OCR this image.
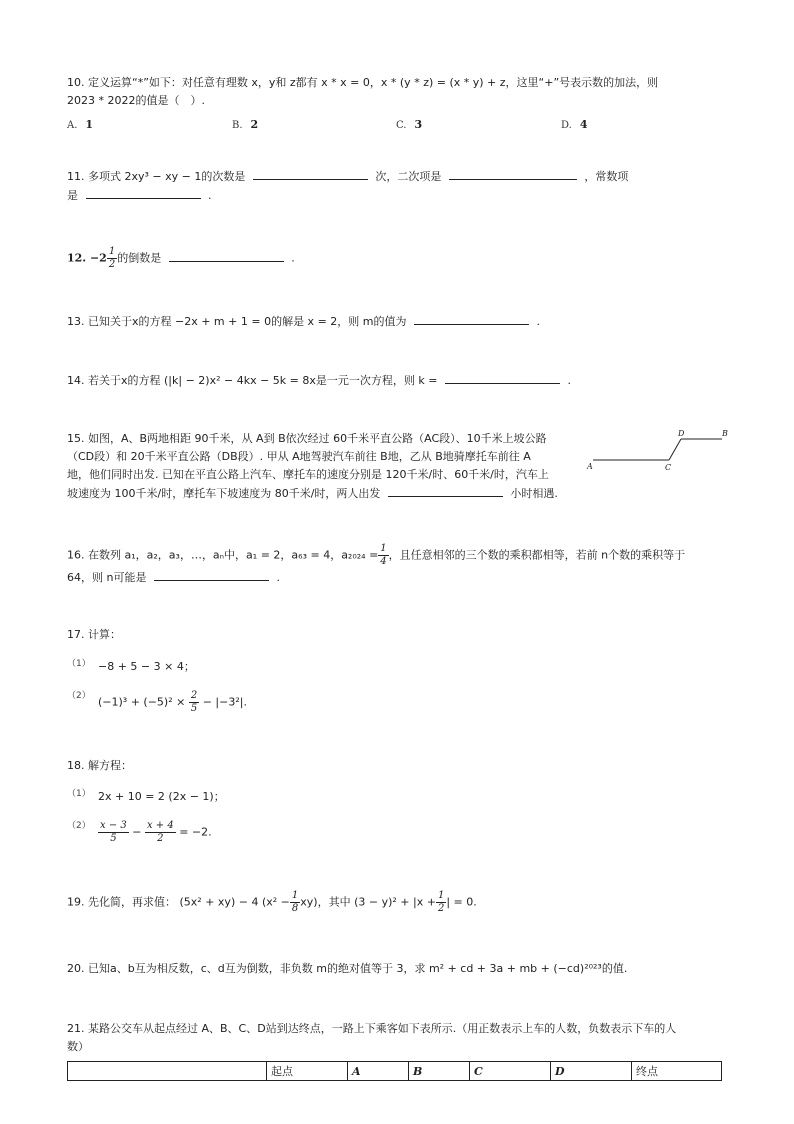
10. 定义运算“*”如下：对任意有理数 x，y和 z都有 x * x = 0，x * (y * z) = (x * y) + z，这里“+”号表示数的加法，则
2023 * 2022的值是（　）.
A. 1	B. 2	C. 3	D. 4
11. 多项式 2xy³ − xy − 1的次数是	次，二次项是	，常数项
是	.
12. $-2 \frac{1}{2}$ 的倒数是	.
13. 已知关于x的方程 −2x + m + 1 = 0的解是 x = 2，则 m的值为	.
14. 若关于x的方程 (|k| − 2)x² − 4kx − 5k = 8x是一元一次方程，则 k =	.
15. 如图，A、B两地相距 90千米，从 A到 B依次经过 60千米平直公路（AC段）、10千米上坡公路
（CD段）和 20千米平直公路（DB段）. 甲从 A地驾驶汽车前往 B地，乙从 B地骑摩托车前往 A
地，他们同时出发. 已知在平直公路上汽车、摩托车的速度分别是 120千米/时、60千米/时，汽车上
坡速度为 100千米/时，摩托车下坡速度为 80千米/时，两人出发	小时相遇.
A	C
D	B
16. 在数列 a₁，a₂，a₃，…，aₙ中，a₁ = 2，a₆₃ = 4，$a_{2024} = \frac{1}{4}$ ，且任意相邻的三个数的乘积都相等，若前 n个数的乘积等于
64，则 n可能是	.
17. 计算：
（1） −8 + 5 − 3 × 4；
（2） $(-1)^3 + (-5)^2 \times \frac{2}{5} - |-3^2|$.
18. 解方程：
（1） 2x + 10 = 2 (2x − 1)；
$(2) \frac{x - 3}{5} - \frac{x + 4}{2} = -2$.
19. 先化简，再求值： (5x² + xy) − 4 $(x^2 - \frac{1}{8} xy)$，其中 $(3 - y)^2 + |x + \frac{1}{2}$ | = 0.
20. 已知a、b互为相反数，c、d互为倒数，非负数 m的绝对值等于 3，求 m² + cd + 3a + mb + (−cd)²⁰²³的值.
21. 某路公交车从起点经过 A、B、C、D站到达终点，一路上下乘客如下表所示.（用正数表示上车的人数，负数表示下车的人
数）
	起点	A	B	C	D	终点
